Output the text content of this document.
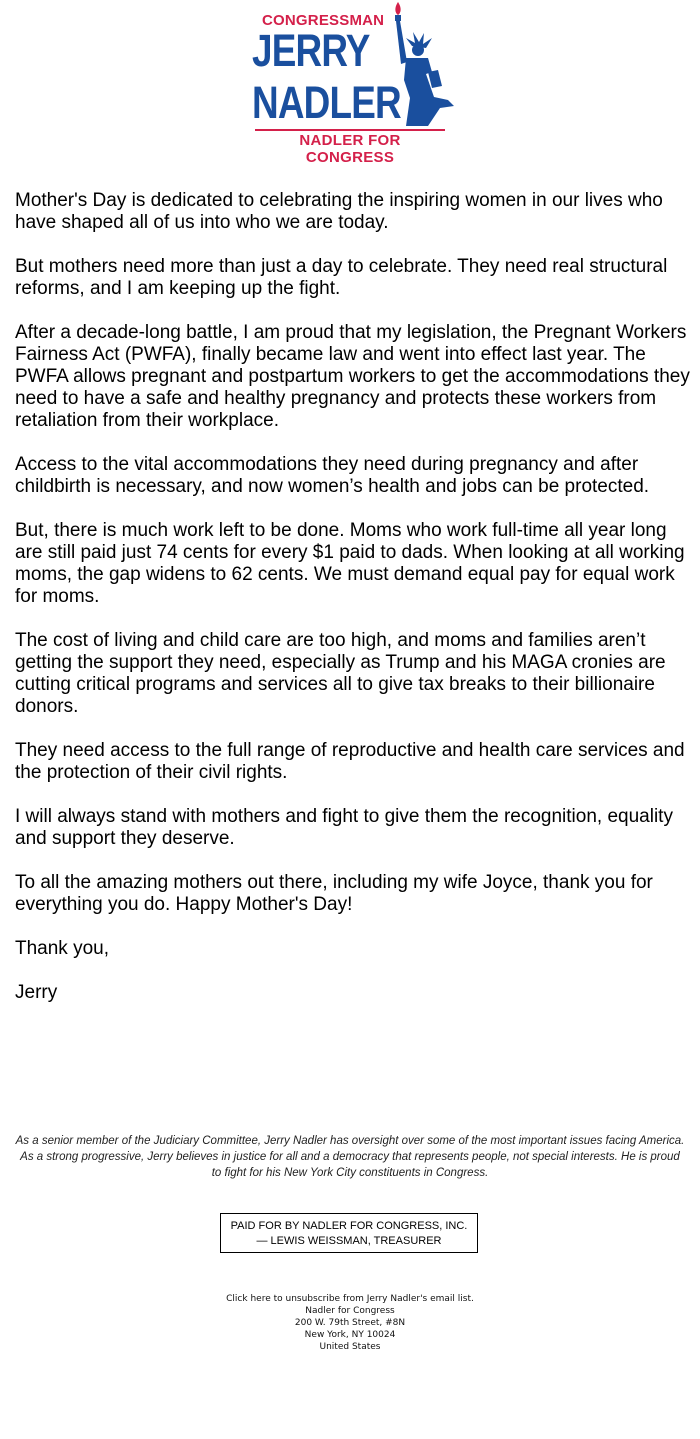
CONGRESSMAN
JERRY
NADLER
NADLER FOR CONGRESS

Mother's Day is dedicated to celebrating the inspiring women in our lives who have shaped all of us into who we are today.

But mothers need more than just a day to celebrate. They need real structural reforms, and I am keeping up the fight.

After a decade-long battle, I am proud that my legislation, the Pregnant Workers Fairness Act (PWFA), finally became law and went into effect last year. The PWFA allows pregnant and postpartum workers to get the accommodations they need to have a safe and healthy pregnancy and protects these workers from retaliation from their workplace.

Access to the vital accommodations they need during pregnancy and after childbirth is necessary, and now women’s health and jobs can be protected.

But, there is much work left to be done. Moms who work full-time all year long are still paid just 74 cents for every $1 paid to dads. When looking at all working moms, the gap widens to 62 cents. We must demand equal pay for equal work for moms.

The cost of living and child care are too high, and moms and families aren’t getting the support they need, especially as Trump and his MAGA cronies are cutting critical programs and services all to give tax breaks to their billionaire donors.

They need access to the full range of reproductive and health care services and the protection of their civil rights.

I will always stand with mothers and fight to give them the recognition, equality and support they deserve.

To all the amazing mothers out there, including my wife Joyce, thank you for everything you do. Happy Mother's Day!

Thank you,

Jerry

As a senior member of the Judiciary Committee, Jerry Nadler has oversight over some of the most important issues facing America.
As a strong progressive, Jerry believes in justice for all and a democracy that represents people, not special interests. He is proud
to fight for his New York City constituents in Congress.
PAID FOR BY NADLER FOR CONGRESS, INC.
— LEWIS WEISSMAN, TREASURER
Click here to unsubscribe from Jerry Nadler's email list.
Nadler for Congress
200 W. 79th Street, #8N
New York, NY 10024
United States
